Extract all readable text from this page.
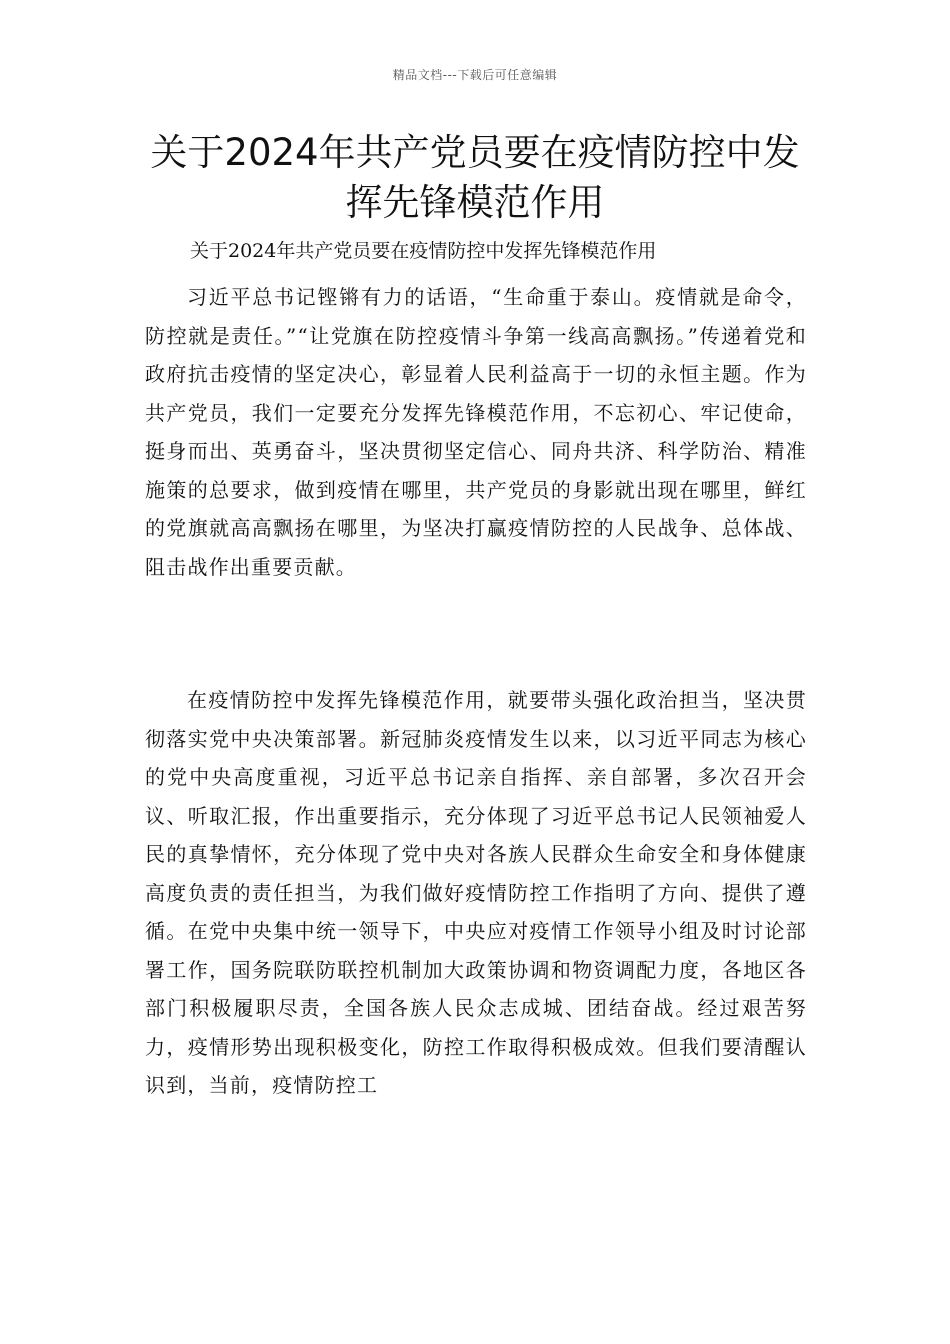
精品文档---下载后可任意编辑
关于2024年共产党员要在疫情防控中发挥先锋模范作用
关于2024年共产党员要在疫情防控中发挥先锋模范作用

习近平总书记铿锵有力的话语，“生命重于泰山。疫情就是命令，防控就是责任。”“让党旗在防控疫情斗争第一线高高飘扬。”传递着党和政府抗击疫情的坚定决心，彰显着人民利益高于一切的永恒主题。作为共产党员，我们一定要充分发挥先锋模范作用，不忘初心、牢记使命，挺身而出、英勇奋斗，坚决贯彻坚定信心、同舟共济、科学防治、精准施策的总要求，做到疫情在哪里，共产党员的身影就出现在哪里，鲜红的党旗就高高飘扬在哪里，为坚决打赢疫情防控的人民战争、总体战、阻击战作出重要贡献。

在疫情防控中发挥先锋模范作用，就要带头强化政治担当，坚决贯彻落实党中央决策部署。新冠肺炎疫情发生以来，以习近平同志为核心的党中央高度重视，习近平总书记亲自指挥、亲自部署，多次召开会议、听取汇报，作出重要指示，充分体现了习近平总书记人民领袖爱人民的真挚情怀，充分体现了党中央对各族人民群众生命安全和身体健康高度负责的责任担当，为我们做好疫情防控工作指明了方向、提供了遵循。在党中央集中统一领导下，中央应对疫情工作领导小组及时讨论部署工作，国务院联防联控机制加大政策协调和物资调配力度，各地区各部门积极履职尽责，全国各族人民众志成城、团结奋战。经过艰苦努力，疫情形势出现积极变化，防控工作取得积极成效。但我们要清醒认识到，当前，疫情防控工
